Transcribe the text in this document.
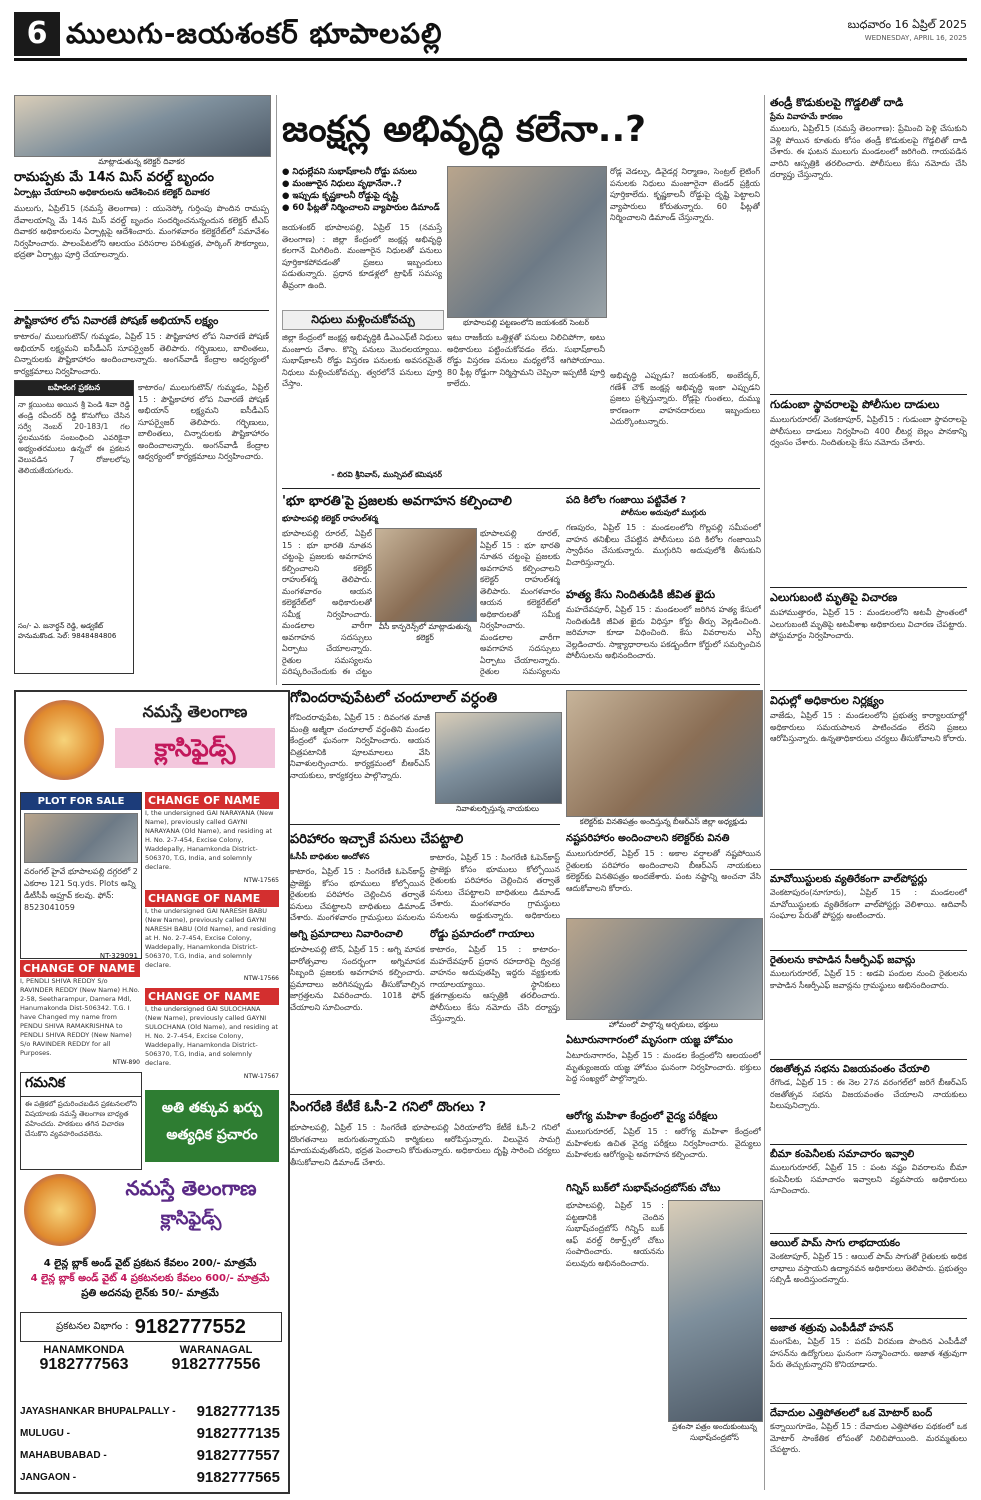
6 ములుగు-జయశంకర్ భూపాలపల్లి	బుధవారం 16 ఏప్రిల్ 2025
WEDNESDAY, APRIL 16, 2025
మాట్లాడుతున్న కలెక్టర్ దివాకర
రామప్పకు మే 14న మిస్ వరల్డ్ బృందం
ఏర్పాట్లు చేయాలని అధికారులను ఆదేశించిన కలెక్టర్ దివాకర
ములుగు, ఏప్రిల్15 (నమస్తే తెలంగాణ) : యునెస్కో గుర్తింపు పొందిన రామప్ప దేవాలయాన్ని మే 14న మిస్ వరల్డ్ బృందం సందర్శించనున్నందున కలెక్టర్ టీఎస్ దివాకర అధికారులను ఏర్పాట్లపై ఆదేశించారు. మంగళవారం కలెక్టరేట్‌లో సమావేశం నిర్వహించారు. పాలంపేటలోని ఆలయం పరిసరాల పరిశుభ్రత, పార్కింగ్ సౌకర్యాలు, భద్రతా ఏర్పాట్లు పూర్తి చేయాలన్నారు.
పౌష్టికాహార లోప నివారణే పోషణ్ అభియాన్ లక్ష్యం
కాటారం/ ములుగుటౌన్/ గుమ్మడం, ఏప్రిల్ 15 : పౌష్టికాహార లోప నివారణే పోషణ్ అభియాన్ లక్ష్యమని ఐసీడీఎస్ సూపర్వైజర్ తెలిపారు. గర్భిణులు, బాలింతలు, చిన్నారులకు పౌష్టికాహారం అందించాలన్నారు. అంగన్‌వాడీ కేంద్రాల ఆధ్వర్యంలో కార్యక్రమాలు నిర్వహించారు.
బహిరంగ ప్రకటన
నా క్లయింటు అయిన శ్రీ పెండి శివా రెడ్డి తండ్రి రవీందర్ రెడ్డి కొనుగోలు చేసిన సర్వే నెంబర్ 20-183/1 గల స్థలమునకు సంబంధించి ఎవరికైనా అభ్యంతరములు ఉన్నచో ఈ ప్రకటన వెలువడిన 7 రోజులలోపు తెలియజేయగలరు.
సం/- ఎ. జనార్ధన్ రెడ్డి, అడ్వకేట్
హనుమకొండ. సెల్: 9848484806
కాటారం/ ములుగుటౌన్/ గుమ్మడం, ఏప్రిల్ 15 : పౌష్టికాహార లోప నివారణే పోషణ్ అభియాన్ లక్ష్యమని ఐసీడీఎస్ సూపర్వైజర్ తెలిపారు. గర్భిణులు, బాలింతలు, చిన్నారులకు పౌష్టికాహారం అందించాలన్నారు. అంగన్‌వాడీ కేంద్రాల ఆధ్వర్యంలో కార్యక్రమాలు నిర్వహించారు.
నమస్తే తెలంగాణ
క్లాసిఫైడ్స్
PLOT FOR SALE
వరంగల్ హైవే భూపాలపల్లి దగ్గరలో 2 ఎకరాల 121 Sq.yds. Plots అన్ని డీటీసీపీ అప్రూవ్ కలవు. ఫోన్: 8523041059
NT-329091
CHANGE OF NAME
I, the undersigned GAI NARAYANA (New Name), previously called GAYNI NARAYANA (Old Name), and residing at H. No. 2-7-454, Excise Colony, Waddepally, Hanamkonda District-506370, T.G, India, and solemnly declare.
NTW-17565
CHANGE OF NAME
I, the undersigned GAI NARESH BABU (New Name), previously called GAYNI NARESH BABU (Old Name), and residing at H. No. 2-7-454, Excise Colony, Waddepally, Hanamkonda District-506370, T.G, India, and solemnly declare.
NTW-17566
CHANGE OF NAME
I, PENDLI SHIVA REDDY S/o RAVINDER REDDY (New Name) H.No. 2-58, Seetharampur, Damera Mdl, Hanumakonda Dist-506342. T.G. I have Changed my name from PENDU SHIVA RAMAKRISHNA to PENDLI SHIVA REDDY (New Name) S/o RAVINDER REDDY for all Purposes.
NTW-890
CHANGE OF NAME
I, the undersigned GAI SULOCHANA (New Name), previously called GAYNI SULOCHANA (Old Name), and residing at H. No. 2-7-454, Excise Colony, Waddepally, Hanamkonda District-506370, T.G, India, and solemnly declare.
NTW-17567
గమనిక
ఈ పత్రికలో ప్రచురించబడిన ప్రకటనలలోని విషయాలకు నమస్తే తెలంగాణ బాధ్యత వహించదు. పాఠకులు తగిన విచారణ చేసుకొని వ్యవహరించవలెను.
అతి తక్కువ ఖర్చు
అత్యధిక ప్రచారం
నమస్తే తెలంగాణ
క్లాసిఫైడ్స్
4 లైన్ల బ్లాక్ అండ్ వైట్ ప్రకటన కేవలం 200/- మాత్రమే
4 లైన్ల బ్లాక్ అండ్ వైట్ 4 ప్రకటనలకు కేవలం 600/- మాత్రమే
ప్రతి అదనపు లైన్‌కు 50/- మాత్రమే
ప్రకటనల విభాగం : 9182777552
HANAMKONDA
9182777563
WARANAGAL
9182777556
JAYASHANKAR BHUPALPALLY - 9182777135
MULUGU -	9182777135
MAHABUBABAD -	9182777557
JANGAON -	9182777565
జంక్షన్ల అభివృద్ధి కలేనా..?
● నిధుల్లేవని సుభాష్‌కాలనీ రోడ్డు పనులు
● మంజూరైన నిధులు వృథానేనా..?
● ఇప్పుడు కృష్ణకాలనీ రోడ్డుపై దృష్టి
● 60 ఫీట్లతో నిర్మించాలని వ్యాపారుల డిమాండ్
భూపాలపల్లి పట్టణంలోని జయశంకర్ సెంటర్
జయశంకర్ భూపాలపల్లి, ఏప్రిల్ 15 (నమస్తే తెలంగాణ) : జిల్లా కేంద్రంలో జంక్షన్ల అభివృద్ధి కలగానే మిగిలింది. మంజూరైన నిధులతో పనులు పూర్తికాకపోవడంతో ప్రజలు ఇబ్బందులు పడుతున్నారు. ప్రధాన కూడళ్లలో ట్రాఫిక్ సమస్య తీవ్రంగా ఉంది.
నిధులు మళ్లించుకోవచ్చు
జిల్లా కేంద్రంలో జంక్షన్ల అభివృద్ధికి డీఎంఎఫ్‌టీ నిధులు మంజూరు చేశాం. కొన్ని పనులు మొదలయ్యాయి. సుభాష్‌కాలనీ రోడ్డు విస్తరణ పనులకు అవసరమైతే నిధులు మళ్లించుకోవచ్చు. త్వరలోనే పనులు పూర్తి చేస్తాం.
- బిరవి శ్రీనివాస్, మున్సిపల్ కమిషనర్
ఇటు రాజకీయ ఒత్తిళ్లతో పనులు నిలిచిపోగా, అటు అధికారులు పట్టించుకోవడం లేదు. సుభాష్‌కాలనీ రోడ్డు విస్తరణ పనులు మధ్యలోనే ఆగిపోయాయి. 80 ఫీట్ల రోడ్డుగా నిర్మిస్తామని చెప్పినా ఇప్పటికీ పూర్తి కాలేదు.
రోడ్ల వెడల్పు, డివైడర్ల నిర్మాణం, సెంట్రల్ లైటింగ్ పనులకు నిధులు మంజూరైనా టెండర్ ప్రక్రియ పూర్తికాలేదు. కృష్ణకాలనీ రోడ్డుపై దృష్టి పెట్టాలని వ్యాపారులు కోరుతున్నారు. 60 ఫీట్లతో నిర్మించాలని డిమాండ్ చేస్తున్నారు.
అభివృద్ధి ఎప్పుడు? జయశంకర్, అంబేద్కర్, గణేశ్ చౌక్ జంక్షన్ల అభివృద్ధి ఇంకా ఎప్పుడని ప్రజలు ప్రశ్నిస్తున్నారు. రోడ్లపై గుంతలు, దుమ్ము కారణంగా వాహనదారులు ఇబ్బందులు ఎదుర్కొంటున్నారు.
'భూ భారతి'పై ప్రజలకు అవగాహన కల్పించాలి
భూపాలపల్లి కలెక్టర్ రాహుల్‌శర్మ
వీసీ కాన్ఫరెన్స్‌లో మాట్లాడుతున్న కలెక్టర్
భూపాలపల్లి రూరల్, ఏప్రిల్ 15 : భూ భారతి నూతన చట్టంపై ప్రజలకు అవగాహన కల్పించాలని కలెక్టర్ రాహుల్‌శర్మ తెలిపారు. మంగళవారం ఆయన కలెక్టరేట్‌లో అధికారులతో సమీక్ష నిర్వహించారు. మండలాల వారీగా అవగాహన సదస్సులు ఏర్పాటు చేయాలన్నారు. రైతుల సమస్యలను పరిష్కరించేందుకు ఈ చట్టం
భూపాలపల్లి రూరల్, ఏప్రిల్ 15 : భూ భారతి నూతన చట్టంపై ప్రజలకు అవగాహన కల్పించాలని కలెక్టర్ రాహుల్‌శర్మ తెలిపారు. మంగళవారం ఆయన కలెక్టరేట్‌లో అధికారులతో సమీక్ష నిర్వహించారు. మండలాల వారీగా అవగాహన సదస్సులు ఏర్పాటు చేయాలన్నారు. రైతుల సమస్యలను
పది కిలోల గంజాయి పట్టివేత ?
పోలీసుల అదుపులో ముగ్గురు
గణపురం, ఏప్రిల్ 15 : మండలంలోని గొల్లపల్లి సమీపంలో వాహన తనిఖీలు చేపట్టిన పోలీసులు పది కిలోల గంజాయిని స్వాధీనం చేసుకున్నారు. ముగ్గురిని అదుపులోకి తీసుకుని విచారిస్తున్నారు.
హత్య కేసు నిందితుడికి జీవిత ఖైదు
మహదేవపూర్, ఏప్రిల్ 15 : మండలంలో జరిగిన హత్య కేసులో నిందితుడికి జీవిత ఖైదు విధిస్తూ కోర్టు తీర్పు వెల్లడించింది. జరిమానా కూడా విధించింది. కేసు వివరాలను ఎస్పీ వెల్లడించారు. సాక్ష్యాధారాలను పకడ్బందీగా కోర్టులో సమర్పించిన పోలీసులను అభినందించారు.
గోవిందరావుపేటలో చందూలాల్ వర్ధంతి
నివాళులర్పిస్తున్న నాయకులు
గోవిందరావుపేట, ఏప్రిల్ 15 : దివంగత మాజీ మంత్రి అజ్మీరా చందూలాల్ వర్ధంతిని మండల కేంద్రంలో ఘనంగా నిర్వహించారు. ఆయన చిత్రపటానికి పూలమాలలు వేసి నివాళులర్పించారు. కార్యక్రమంలో బీఆర్‌ఎస్ నాయకులు, కార్యకర్తలు పాల్గొన్నారు.
పరిహారం ఇచ్చాకే పనులు చేపట్టాలి
ఓసీపీ బాధితుల ఆందోళన
కాటారం, ఏప్రిల్ 15 : సింగరేణి ఓపెన్‌కాస్ట్ ప్రాజెక్టు కోసం భూములు కోల్పోయిన రైతులకు పరిహారం చెల్లించిన తర్వాతే పనులు చేపట్టాలని బాధితులు డిమాండ్ చేశారు. మంగళవారం గ్రామస్థులు పనులను
కాటారం, ఏప్రిల్ 15 : సింగరేణి ఓపెన్‌కాస్ట్ ప్రాజెక్టు కోసం భూములు కోల్పోయిన రైతులకు పరిహారం చెల్లించిన తర్వాతే పనులు చేపట్టాలని బాధితులు డిమాండ్ చేశారు. మంగళవారం గ్రామస్థులు పనులను అడ్డుకున్నారు. అధికారులు
అగ్ని ప్రమాదాలు నివారించాలి
భూపాలపల్లి టౌన్, ఏప్రిల్ 15 : అగ్ని మాపక వారోత్సవాల సందర్భంగా అగ్నిమాపక సిబ్బంది ప్రజలకు అవగాహన కల్పించారు. ప్రమాదాలు జరిగినప్పుడు తీసుకోవాల్సిన జాగ్రత్తలను వివరించారు. 101కి ఫోన్ చేయాలని సూచించారు.
రోడ్డు ప్రమాదంలో గాయాలు
కాటారం, ఏప్రిల్ 15 : కాటారం-మహదేవపూర్ ప్రధాన రహదారిపై ద్విచక్ర వాహనం అదుపుతప్పి ఇద్దరు వ్యక్తులకు గాయాలయ్యాయి. స్థానికులు క్షతగాత్రులను ఆస్పత్రికి తరలించారు. పోలీసులు కేసు నమోదు చేసి దర్యాప్తు చేస్తున్నారు.
సింగరేణి కేటీకే ఓసీ-2 గనిలో దొంగలు ?
భూపాలపల్లి, ఏప్రిల్ 15 : సింగరేణి భూపాలపల్లి ఏరియాలోని కేటీకే ఓసీ-2 గనిలో దొంగతనాలు జరుగుతున్నాయని కార్మికులు ఆరోపిస్తున్నారు. విలువైన సామగ్రి మాయమవుతోందని, భద్రత పెంచాలని కోరుతున్నారు. అధికారులు దృష్టి సారించి చర్యలు తీసుకోవాలని డిమాండ్ చేశారు.
కలెక్టర్‌కు వినతిపత్రం అందిస్తున్న బీఆర్‌ఎస్ జిల్లా అధ్యక్షుడు
నష్టపరిహారం అందించాలని కలెక్టర్‌కు వినతి
ములుగురూరల్, ఏప్రిల్ 15 : అకాల వర్షాలతో నష్టపోయిన రైతులకు పరిహారం అందించాలని బీఆర్‌ఎస్ నాయకులు కలెక్టర్‌కు వినతిపత్రం అందజేశారు. పంట నష్టాన్ని అంచనా వేసి ఆదుకోవాలని కోరారు.
హోమంలో పాల్గొన్న అర్చకులు, భక్తులు
ఏటూరునాగారంలో మృసంగా యజ్ఞ హోమం
ఏటూరునాగారం, ఏప్రిల్ 15 : మండల కేంద్రంలోని ఆలయంలో మృత్యుంజయ యజ్ఞ హోమం ఘనంగా నిర్వహించారు. భక్తులు పెద్ద సంఖ్యలో పాల్గొన్నారు.
ఆరోగ్య మహిళా కేంద్రంలో వైద్య పరీక్షలు
ములుగురూరల్, ఏప్రిల్ 15 : ఆరోగ్య మహిళా కేంద్రంలో మహిళలకు ఉచిత వైద్య పరీక్షలు నిర్వహించారు. వైద్యులు మహిళలకు ఆరోగ్యంపై అవగాహన కల్పించారు.
గిన్నిస్ బుక్‌లో సుభాష్‌చంద్రబోస్‌కు చోటు
భూపాలపల్లి, ఏప్రిల్ 15 : పట్టణానికి చెందిన సుభాష్‌చంద్రబోస్ గిన్నిస్ బుక్ ఆఫ్ వరల్డ్ రికార్డ్స్‌లో చోటు సంపాదించారు. ఆయనను పలువురు అభినందించారు.
ప్రశంసా పత్రం అందుకుంటున్న సుభాష్‌చంద్రబోస్
తండ్రీ కొడుకులపై గొడ్డలితో దాడి
ప్రేమ వివాహమే కారణం
ములుగు, ఏప్రిల్15 (నమస్తే తెలంగాణ): ప్రేమించి పెళ్లి చేసుకుని వెళ్లి పోయిన కూతురు కోసం తండ్రీ కొడుకులపై గొడ్డలితో దాడి చేశారు. ఈ ఘటన ములుగు మండలంలో జరిగింది. గాయపడిన వారిని ఆస్పత్రికి తరలించారు. పోలీసులు కేసు నమోదు చేసి దర్యాప్తు చేస్తున్నారు.
గుడుంబా స్థావరాలపై పోలీసుల దాడులు
ములుగురూరల్/ వెంకటాపూర్, ఏప్రిల్15 : గుడుంబా స్థావరాలపై పోలీసులు దాడులు నిర్వహించి 400 లీటర్ల బెల్లం పానకాన్ని ధ్వంసం చేశారు. నిందితులపై కేసు నమోదు చేశారు.
ఎలుగుబంటి మృతిపై విచారణ
మహాముత్తారం, ఏప్రిల్ 15 : మండలంలోని అటవీ ప్రాంతంలో ఎలుగుబంటి మృతిపై అటవీశాఖ అధికారులు విచారణ చేపట్టారు. పోస్టుమార్టం నిర్వహించారు.
విధుల్లో అధికారుల నిర్లక్ష్యం
వాజేడు, ఏప్రిల్ 15 : మండలంలోని ప్రభుత్వ కార్యాలయాల్లో అధికారులు సమయపాలన పాటించడం లేదని ప్రజలు ఆరోపిస్తున్నారు. ఉన్నతాధికారులు చర్యలు తీసుకోవాలని కోరారు.
మావోయిస్టులకు వ్యతిరేకంగా వాల్‌పోస్టర్లు
వెంకటాపురం(నూగూరు), ఏప్రిల్ 15 : మండలంలో మావోయిస్టులకు వ్యతిరేకంగా వాల్‌పోస్టర్లు వెలిశాయి. ఆదివాసీ సంఘాల పేరుతో పోస్టర్లు అంటించారు.
రైతులను కాపాడిన సీఆర్పీఎఫ్ జవాన్లు
ములుగురూరల్, ఏప్రిల్ 15 : అడవి పందుల నుంచి రైతులను కాపాడిన సీఆర్పీఎఫ్ జవాన్లను గ్రామస్థులు అభినందించారు.
రజతోత్సవ సభను విజయవంతం చేయాలి
రేగొండ, ఏప్రిల్ 15 : ఈ నెల 27న వరంగల్‌లో జరిగే బీఆర్‌ఎస్ రజతోత్సవ సభను విజయవంతం చేయాలని నాయకులు పిలుపునిచ్చారు.
బీమా కంపెనీలకు సమాచారం ఇవ్వాలి
ములుగురూరల్, ఏప్రిల్ 15 : పంట నష్టం వివరాలను బీమా కంపెనీలకు సమాచారం ఇవ్వాలని వ్యవసాయ అధికారులు సూచించారు.
ఆయిల్ పామ్ సాగు లాభదాయకం
వెంకటాపూర్, ఏప్రిల్ 15 : ఆయిల్ పామ్ సాగుతో రైతులకు అధిక లాభాలు వస్తాయని ఉద్యానవన అధికారులు తెలిపారు. ప్రభుత్వం సబ్సిడీ అందిస్తుందన్నారు.
అజాత శత్రువు ఎంపీడీవో హసన్
మంగపేట, ఏప్రిల్ 15 : పదవీ విరమణ పొందిన ఎంపీడీవో హసన్‌ను ఉద్యోగులు ఘనంగా సన్మానించారు. అజాత శత్రువుగా పేరు తెచ్చుకున్నారని కొనియాడారు.
దేవాదుల ఎత్తిపోతలలో ఒక మోటార్ బంద్
కన్నాయిగూడెం, ఏప్రిల్ 15 : దేవాదుల ఎత్తిపోతల పథకంలో ఒక మోటార్ సాంకేతిక లోపంతో నిలిచిపోయింది. మరమ్మతులు చేపట్టారు.
